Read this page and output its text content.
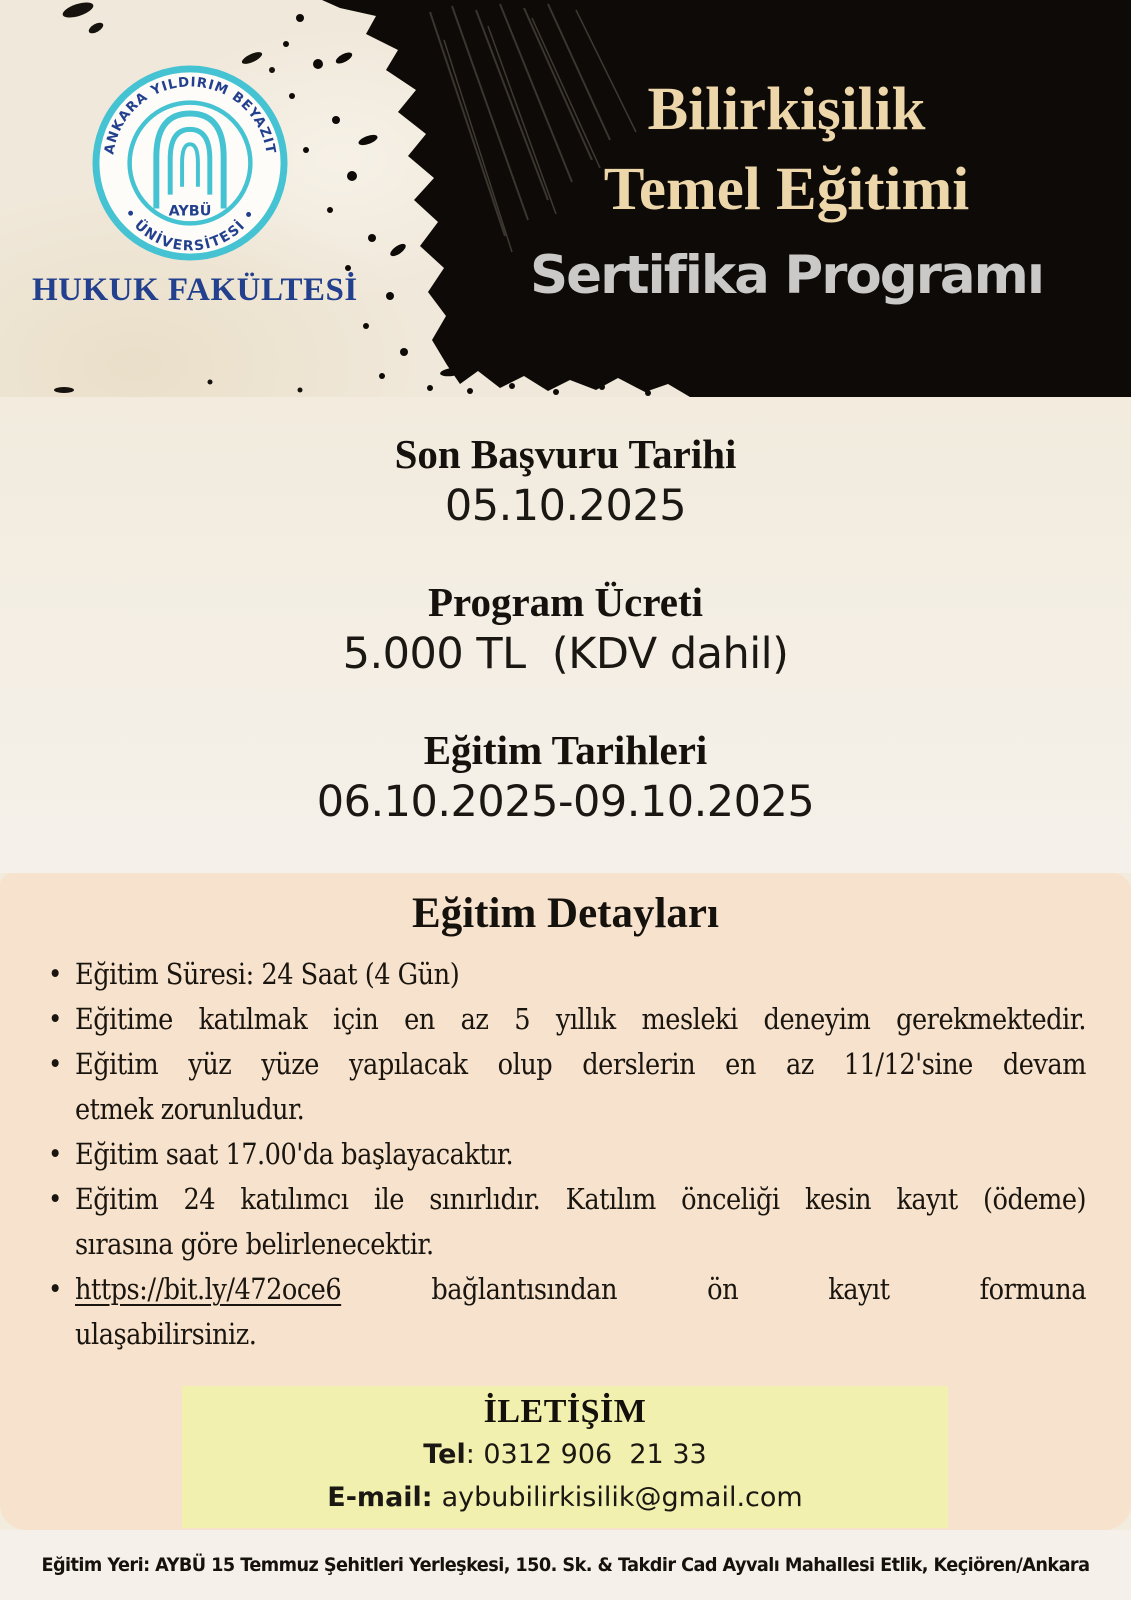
ANKARA YILDIRIM BEYAZIT
• ÜNİVERSİTESİ •
AYBÜ
HUKUK FAKÜLTESİ
Bilirkişilik
Temel Eğitimi
Sertifika Programı
Son Başvuru Tarihi
05.10.2025
Program Ücreti
5.000 TL  (KDV dahil)
Eğitim Tarihleri
06.10.2025-09.10.2025
Eğitim Detayları
• Eğitim Süresi: 24 Saat (4 Gün)
• Eğitime katılmak için en az 5 yıllık mesleki deneyim gerekmektedir.
• Eğitim yüz yüze yapılacak olup derslerin en az 11/12'sine devam
etmek zorunludur.
• Eğitim saat 17.00'da başlayacaktır.
• Eğitim 24 katılımcı ile sınırlıdır. Katılım önceliği kesin kayıt (ödeme)
sırasına göre belirlenecektir.
• https://bit.ly/472oce6	bağlantısından ön kayıt formuna
ulaşabilirsiniz.
İLETİŞİM
Tel: 0312 906  21 33
E-mail: aybubilirkisilik@gmail.com
Eğitim Yeri: AYBÜ 15 Temmuz Şehitleri Yerleşkesi, 150. Sk. & Takdir Cad Ayvalı Mahallesi Etlik, Keçiören/Ankara
